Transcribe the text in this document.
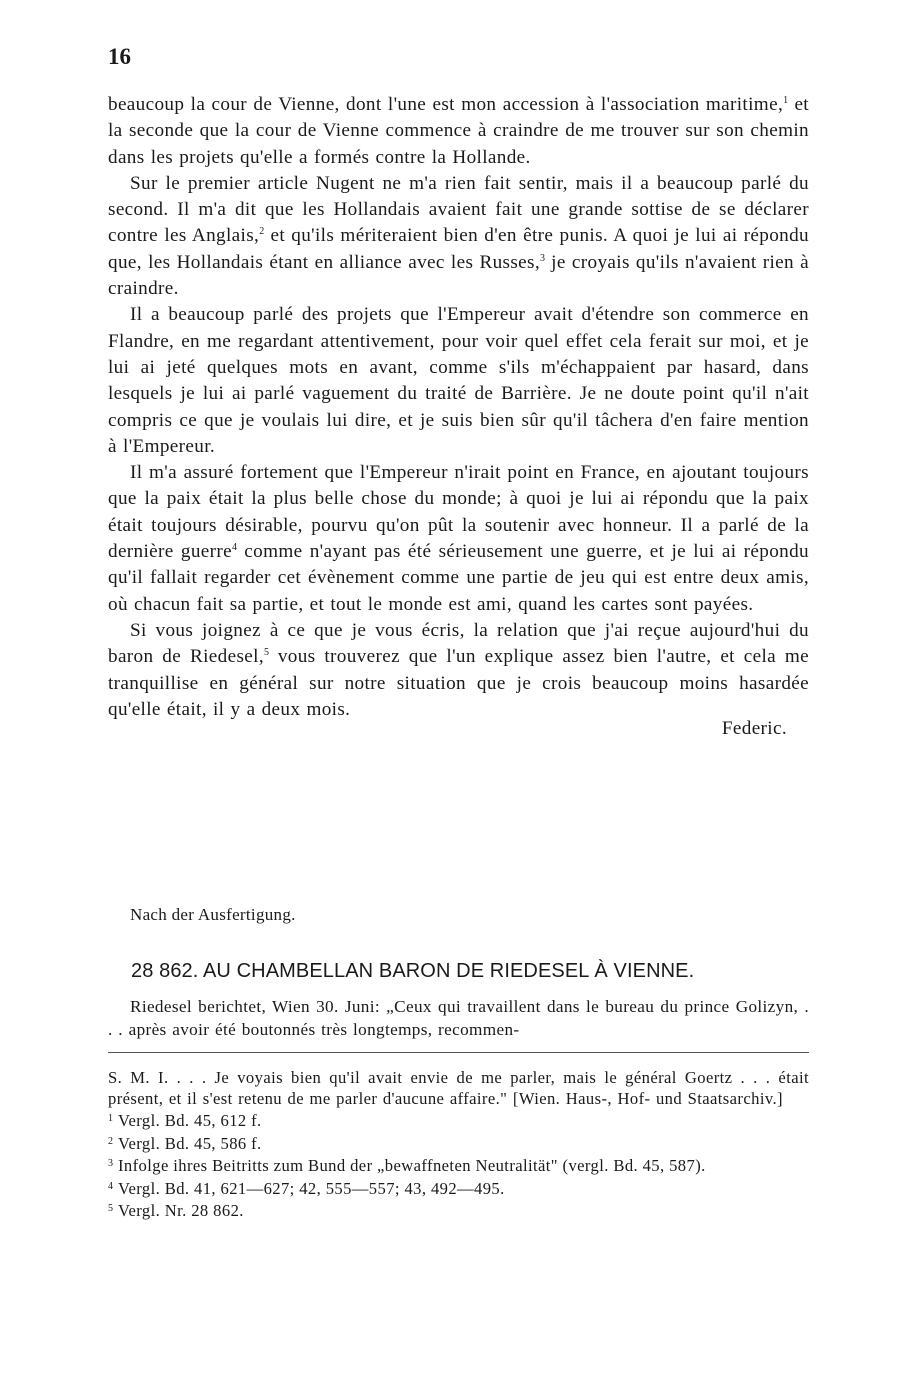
16

beaucoup la cour de Vienne, dont l'une est mon accession à l'association maritime,$^1$ et la seconde que la cour de Vienne commence à craindre de me trouver sur son chemin dans les projets qu'elle a formés contre la Hollande.

Sur le premier article Nugent ne m'a rien fait sentir, mais il a beaucoup parlé du second. Il m'a dit que les Hollandais avaient fait une grande sottise de se déclarer contre les Anglais,$^2$ et qu'ils mériteraient bien d'en être punis. A quoi je lui ai répondu que, les Hollandais étant en alliance avec les Russes,$^3$ je croyais qu'ils n'avaient rien à craindre.

Il a beaucoup parlé des projets que l'Empereur avait d'étendre son commerce en Flandre, en me regardant attentivement, pour voir quel effet cela ferait sur moi, et je lui ai jeté quelques mots en avant, comme s'ils m'échappaient par hasard, dans lesquels je lui ai parlé vaguement du traité de Barrière. Je ne doute point qu'il n'ait compris ce que je voulais lui dire, et je suis bien sûr qu'il tâchera d'en faire mention à l'Empereur.

Il m'a assuré fortement que l'Empereur n'irait point en France, en ajoutant toujours que la paix était la plus belle chose du monde; à quoi je lui ai répondu que la paix était toujours désirable, pourvu qu'on pût la soutenir avec honneur. Il a parlé de la dernière guerre$^4$ comme n'ayant pas été sérieusement une guerre, et je lui ai répondu qu'il fallait regarder cet évènement comme une partie de jeu qui est entre deux amis, où chacun fait sa partie, et tout le monde est ami, quand les cartes sont payées.

Si vous joignez à ce que je vous écris, la relation que j'ai reçue aujourd'hui du baron de Riedesel,$^5$ vous trouverez que l'un explique assez bien l'autre, et cela me tranquillise en général sur notre situation que je crois beaucoup moins hasardée qu'elle était, il y a deux mois.

Federic.
Nach der Ausfertigung.
28 862. AU CHAMBELLAN BARON DE RIEDESEL À VIENNE.

Riedesel berichtet, Wien 30. Juni: „Ceux qui travaillent dans le bureau du prince Golizyn, . . . après avoir été boutonnés très longtemps, recommen-

S. M. I. . . . Je voyais bien qu'il avait envie de me parler, mais le général Goertz . . . était présent, et il s'est retenu de me parler d'aucune affaire." [Wien. Haus-, Hof- und Staatsarchiv.]

$^1$ Vergl. Bd. 45, 612 f.
$^2$ Vergl. Bd. 45, 586 f.
$^3$ Infolge ihres Beitritts zum Bund der „bewaffneten Neutralität" (vergl. Bd. 45, 587).
$^4$ Vergl. Bd. 41, 621—627; 42, 555—557; 43, 492—495.
$^5$ Vergl. Nr. 28 862.
